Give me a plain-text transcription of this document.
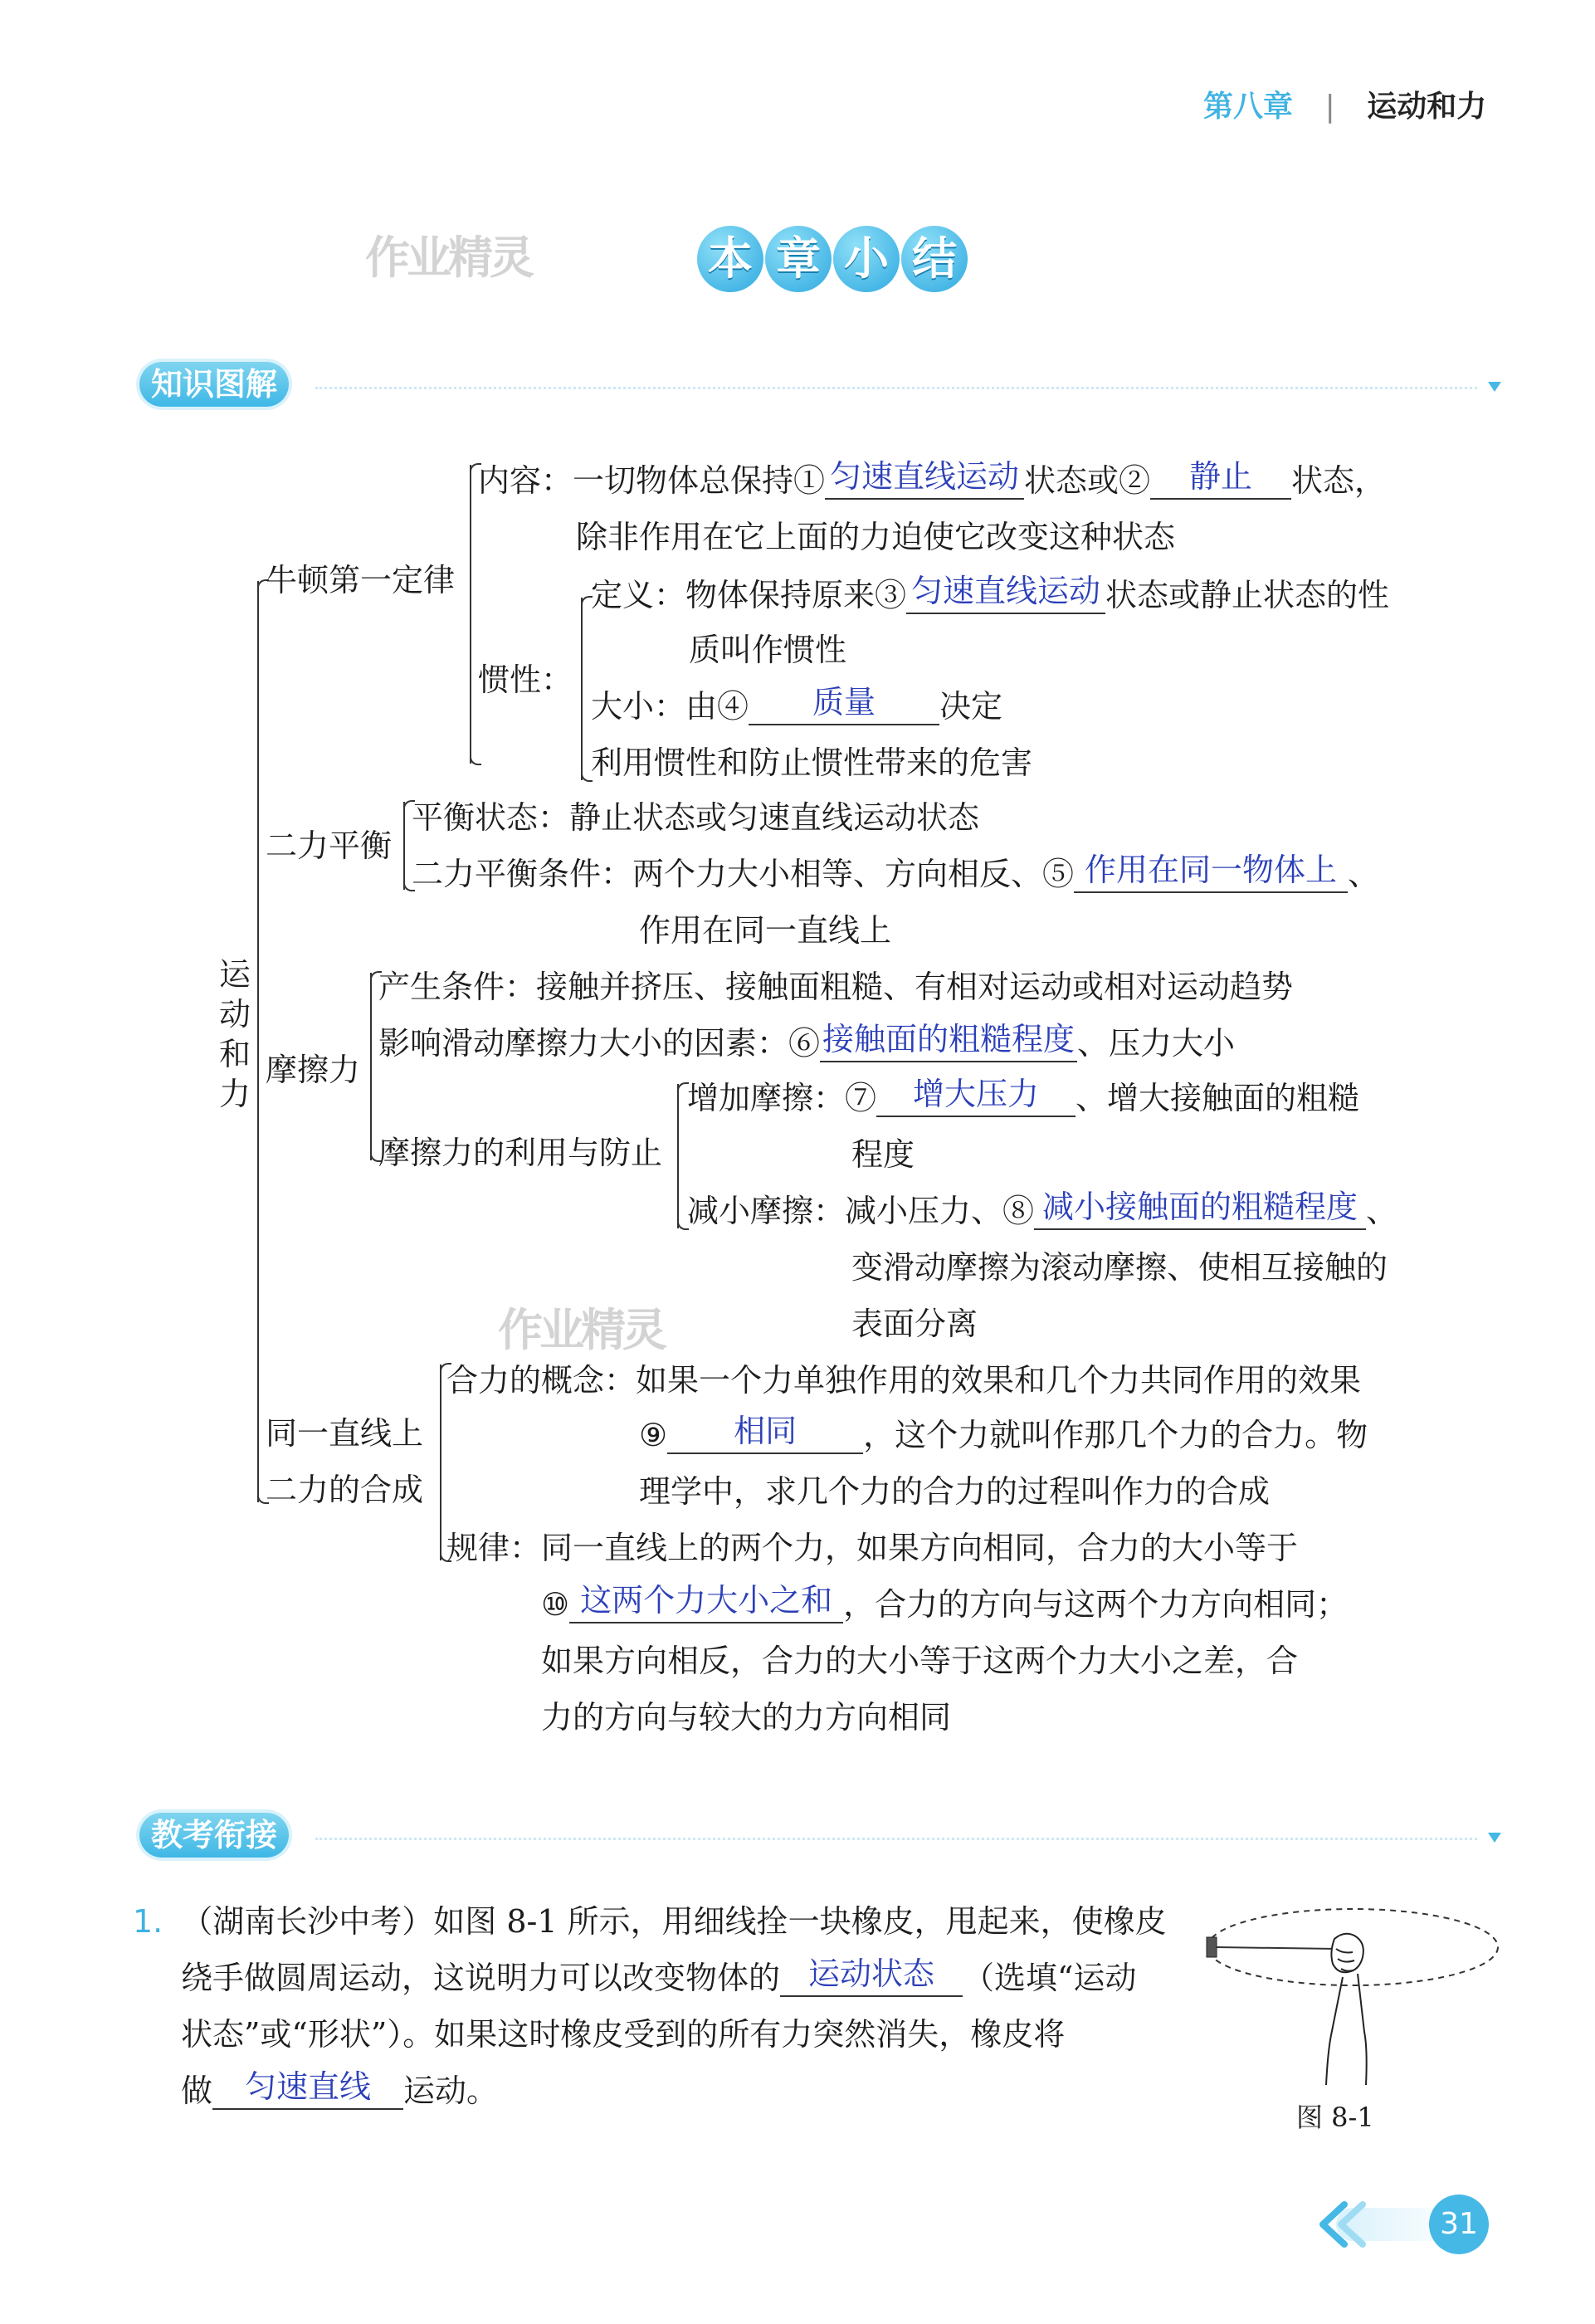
第八章 | 运动和力
作业精灵
作业精灵
本 章 小 结
知识图解
运
动
和
力
牛顿第一定律
内容：一切物体总保持① 匀速直线运动 状态或②	静止	状态，
除非作用在它上面的力迫使它改变这种状态
惯性：
定义：物体保持原来③ 匀速直线运动 状态或静止状态的性
质叫作惯性
大小：由④	质量	决定
利用惯性和防止惯性带来的危害
二力平衡
平衡状态：静止状态或匀速直线运动状态
二力平衡条件：两个力大小相等、方向相反、⑤ 作用在同一物体上 、
作用在同一直线上
摩擦力
产生条件：接触并挤压、接触面粗糙、有相对运动或相对运动趋势
影响滑动摩擦力大小的因素：⑥ 接触面的粗糙程度 、压力大小
摩擦力的利用与防止
增加摩擦：⑦	增大压力	、增大接触面的粗糙
程度
减小摩擦：减小压力、⑧ 减小接触面的粗糙程度 、
变滑动摩擦为滚动摩擦、使相互接触的
表面分离
同一直线上
二力的合成
合力的概念：如果一个力单独作用的效果和几个力共同作用的效果
⑨	相同	，这个力就叫作那几个力的合力。物
理学中，求几个力的合力的过程叫作力的合成
规律：同一直线上的两个力，如果方向相同，合力的大小等于
⑩ 这两个力大小之和 ，合力的方向与这两个力方向相同；
如果方向相反，合力的大小等于这两个力大小之差，合
力的方向与较大的力方向相同
教考衔接
1. （湖南长沙中考）如图 8-1 所示，用细线拴一块橡皮，甩起来，使橡皮
绕手做圆周运动，这说明力可以改变物体的 运动状态 （选填“运动
状态”或“形状”）。如果这时橡皮受到的所有力突然消失，橡皮将
做	匀速直线	运动。
图 8-1
31
